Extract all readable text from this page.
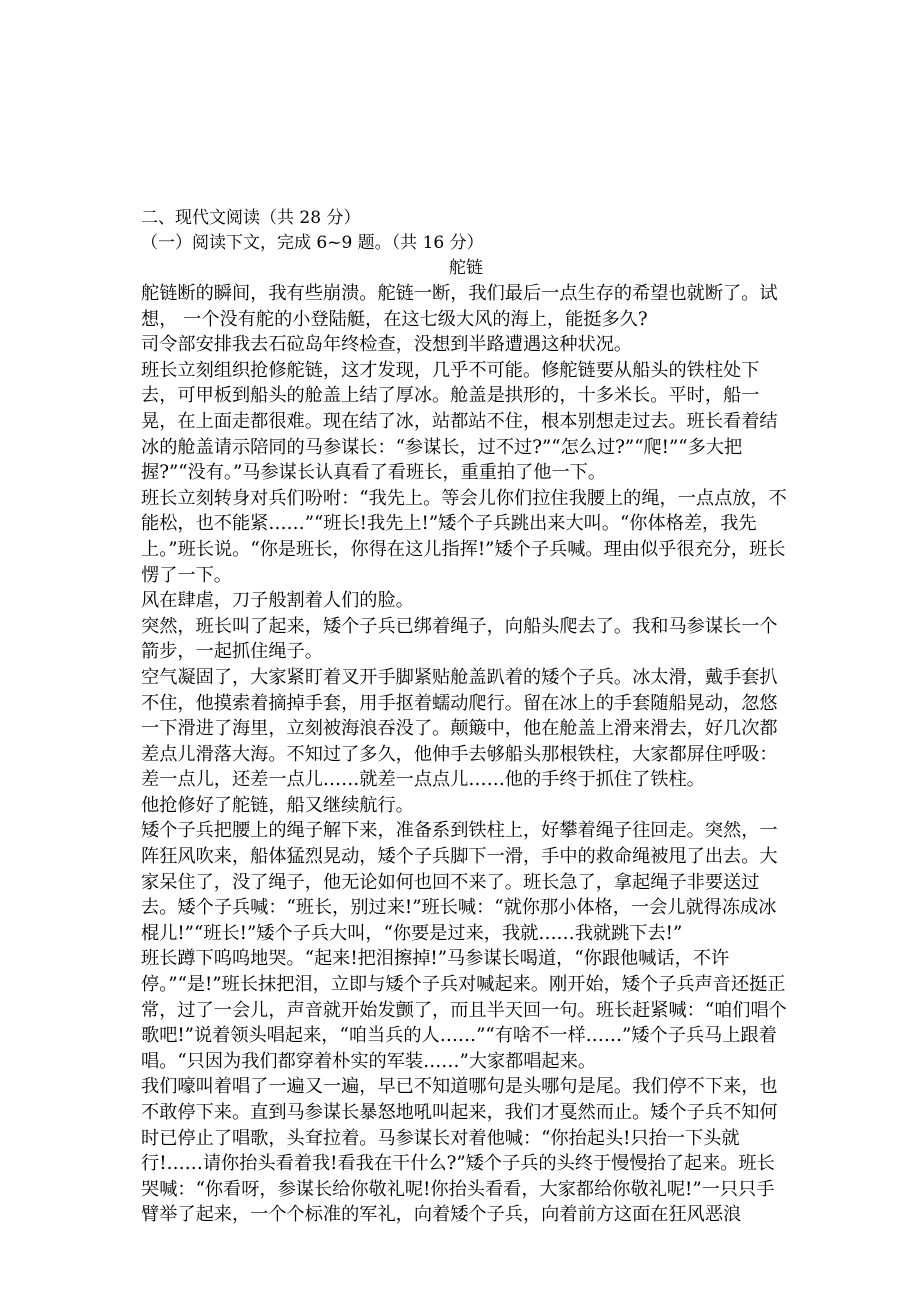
二、现代文阅读（共 28 分）

（一）阅读下文，完成 6~9 题。（共 16 分）

舵链

舵链断的瞬间，我有些崩溃。舵链一断，我们最后一点生存的希望也就断了。试想， 一个没有舵的小登陆艇，在这七级大风的海上，能挺多久?

司令部安排我去石砬岛年终检查，没想到半路遭遇这种状况。

班长立刻组织抢修舵链，这才发现，几乎不可能。修舵链要从船头的铁柱处下去，可甲板到船头的舱盖上结了厚冰。舱盖是拱形的，十多米长。平时，船一晃，在上面走都很难。现在结了冰，站都站不住，根本别想走过去。班长看着结冰的舱盖请示陪同的马参谋长：“参谋长，过不过?”“怎么过?”“爬!”“多大把握?”“没有。”马参谋长认真看了看班长，重重拍了他一下。

班长立刻转身对兵们吩咐：“我先上。等会儿你们拉住我腰上的绳，一点点放，不能松，也不能紧……”“班长!我先上!”矮个子兵跳出来大叫。“你体格差，我先上。”班长说。“你是班长，你得在这儿指挥!”矮个子兵喊。理由似乎很充分，班长愣了一下。

风在肆虐，刀子般割着人们的脸。

突然，班长叫了起来，矮个子兵已绑着绳子，向船头爬去了。我和马参谋长一个箭步，一起抓住绳子。

空气凝固了，大家紧盯着叉开手脚紧贴舱盖趴着的矮个子兵。冰太滑，戴手套扒不住，他摸索着摘掉手套，用手抠着蠕动爬行。留在冰上的手套随船晃动，忽悠一下滑进了海里，立刻被海浪吞没了。颠簸中，他在舱盖上滑来滑去，好几次都差点儿滑落大海。不知过了多久，他伸手去够船头那根铁柱，大家都屏住呼吸：差一点儿，还差一点儿……就差一点点儿……他的手终于抓住了铁柱。

他抢修好了舵链，船又继续航行。

矮个子兵把腰上的绳子解下来，准备系到铁柱上，好攀着绳子往回走。突然，一阵狂风吹来，船体猛烈晃动，矮个子兵脚下一滑，手中的救命绳被甩了出去。大家呆住了，没了绳子，他无论如何也回不来了。班长急了，拿起绳子非要送过去。矮个子兵喊：“班长，别过来!”班长喊：“就你那小体格，一会儿就得冻成冰棍儿!”“班长!”矮个子兵大叫，“你要是过来，我就……我就跳下去!”

班长蹲下呜呜地哭。“起来!把泪擦掉!”马参谋长喝道，“你跟他喊话，不许停。”“是!”班长抹把泪，立即与矮个子兵对喊起来。刚开始，矮个子兵声音还挺正常，过了一会儿，声音就开始发颤了，而且半天回一句。班长赶紧喊：“咱们唱个歌吧!”说着领头唱起来，“咱当兵的人……”“有啥不一样……”矮个子兵马上跟着唱。“只因为我们都穿着朴实的军装……”大家都唱起来。

我们嚎叫着唱了一遍又一遍，早已不知道哪句是头哪句是尾。我们停不下来，也不敢停下来。直到马参谋长暴怒地吼叫起来，我们才戛然而止。矮个子兵不知何时已停止了唱歌，头耷拉着。马参谋长对着他喊：“你抬起头!只抬一下头就行!……请你抬头看着我!看我在干什么?”矮个子兵的头终于慢慢抬了起来。班长哭喊：“你看呀，参谋长给你敬礼呢!你抬头看看，大家都给你敬礼呢!”一只只手臂举了起来，一个个标准的军礼，向着矮个子兵，向着前方这面在狂风恶浪
